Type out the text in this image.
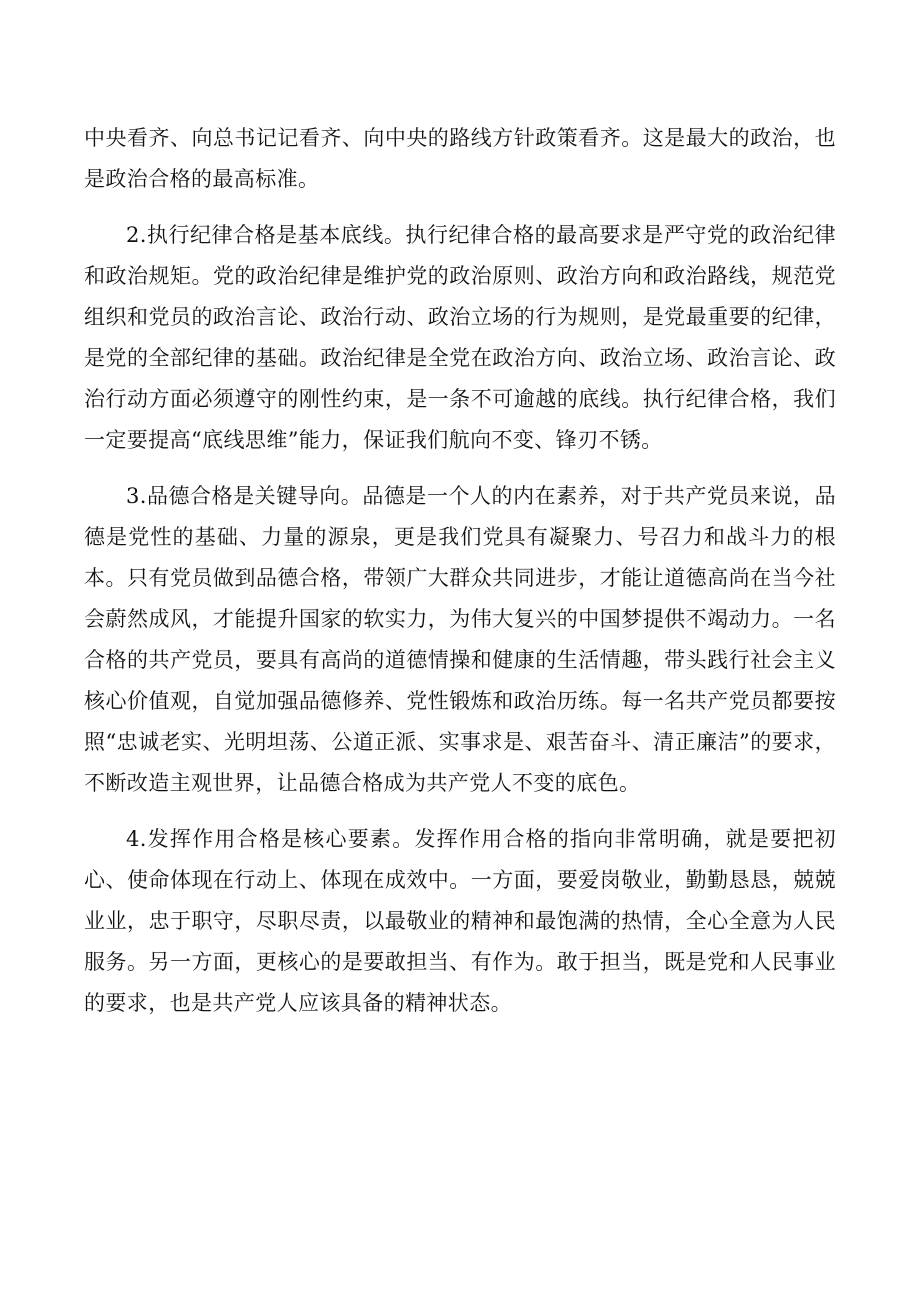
中央看齐、向总书记记看齐、向中央的路线方针政策看齐。这是最大的政治，也是政治合格的最高标准。

2.执行纪律合格是基本底线。执行纪律合格的最高要求是严守党的政治纪律和政治规矩。党的政治纪律是维护党的政治原则、政治方向和政治路线，规范党组织和党员的政治言论、政治行动、政治立场的行为规则，是党最重要的纪律，是党的全部纪律的基础。政治纪律是全党在政治方向、政治立场、政治言论、政治行动方面必须遵守的刚性约束，是一条不可逾越的底线。执行纪律合格，我们一定要提高“底线思维”能力，保证我们航向不变、锋刃不锈。

3.品德合格是关键导向。品德是一个人的内在素养，对于共产党员来说，品德是党性的基础、力量的源泉，更是我们党具有凝聚力、号召力和战斗力的根本。只有党员做到品德合格，带领广大群众共同进步，才能让道德高尚在当今社会蔚然成风，才能提升国家的软实力，为伟大复兴的中国梦提供不竭动力。一名合格的共产党员，要具有高尚的道德情操和健康的生活情趣，带头践行社会主义核心价值观，自觉加强品德修养、党性锻炼和政治历练。每一名共产党员都要按照“忠诚老实、光明坦荡、公道正派、实事求是、艰苦奋斗、清正廉洁”的要求，不断改造主观世界，让品德合格成为共产党人不变的底色。

4.发挥作用合格是核心要素。发挥作用合格的指向非常明确，就是要把初心、使命体现在行动上、体现在成效中。一方面，要爱岗敬业，勤勤恳恳，兢兢业业，忠于职守，尽职尽责，以最敬业的精神和最饱满的热情，全心全意为人民服务。另一方面，更核心的是要敢担当、有作为。敢于担当，既是党和人民事业的要求，也是共产党人应该具备的精神状态。
